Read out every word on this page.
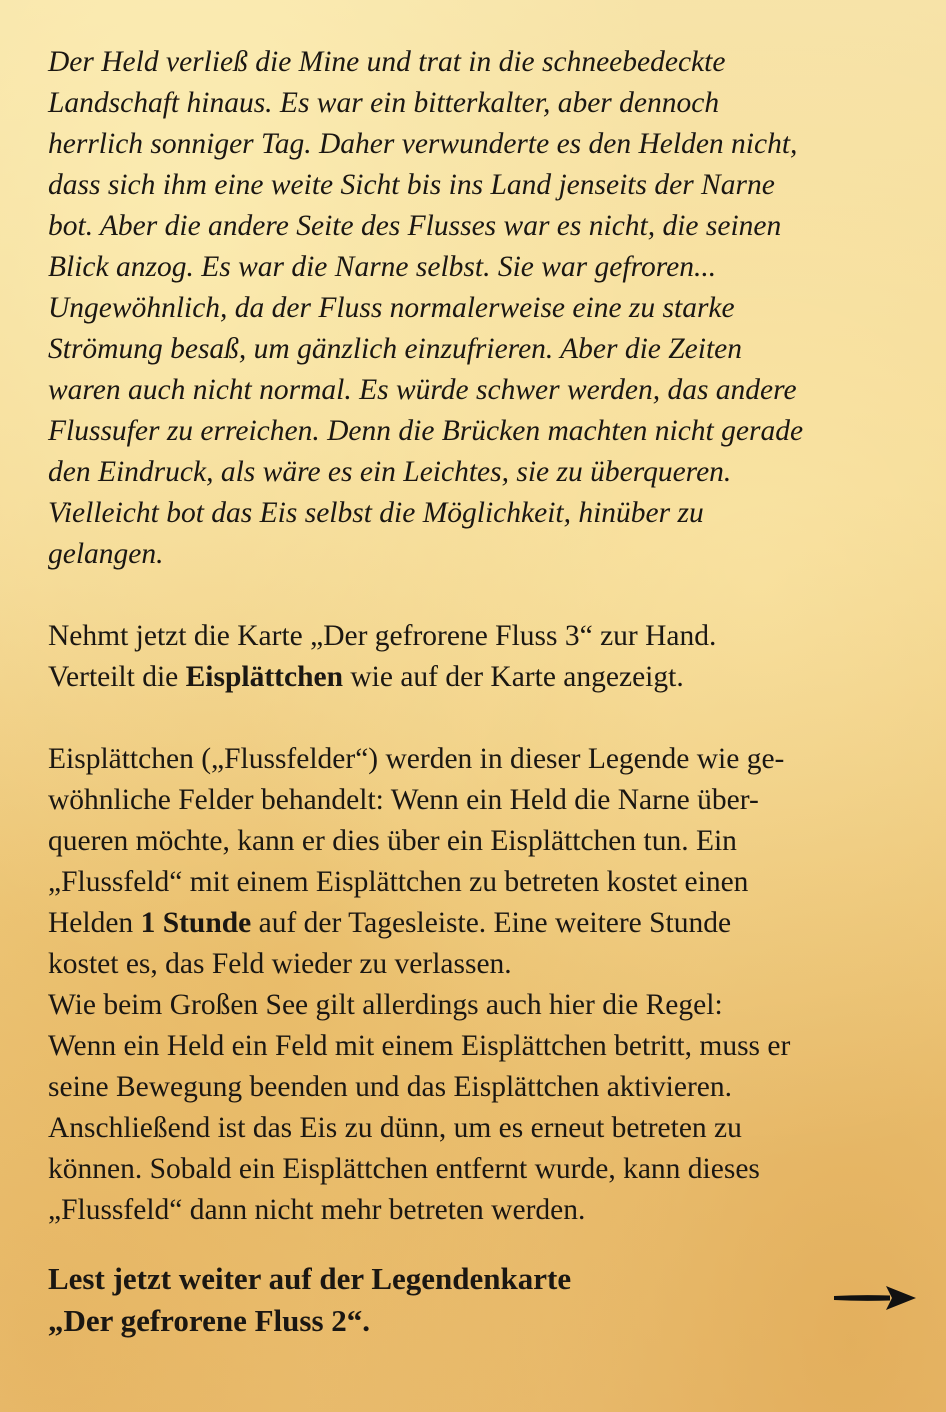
Der Held verließ die Mine und trat in die schneebedeckte
Landschaft hinaus. Es war ein bitterkalter, aber dennoch
herrlich sonniger Tag. Daher verwunderte es den Helden nicht,
dass sich ihm eine weite Sicht bis ins Land jenseits der Narne
bot. Aber die andere Seite des Flusses war es nicht, die seinen
Blick anzog. Es war die Narne selbst. Sie war gefroren...
Ungewöhnlich, da der Fluss normalerweise eine zu starke
Strömung besaß, um gänzlich einzufrieren. Aber die Zeiten
waren auch nicht normal. Es würde schwer werden, das andere
Flussufer zu erreichen. Denn die Brücken machten nicht gerade
den Eindruck, als wäre es ein Leichtes, sie zu überqueren.
Vielleicht bot das Eis selbst die Möglichkeit, hinüber zu
gelangen.

Nehmt jetzt die Karte „Der gefrorene Fluss 3“ zur Hand.
Verteilt die Eisplättchen wie auf der Karte angezeigt.

Eisplättchen („Flussfelder“) werden in dieser Legende wie ge-
wöhnliche Felder behandelt: Wenn ein Held die Narne über-
queren möchte, kann er dies über ein Eisplättchen tun. Ein
„Flussfeld“ mit einem Eisplättchen zu betreten kostet einen
Helden 1 Stunde auf der Tagesleiste. Eine weitere Stunde
kostet es, das Feld wieder zu verlassen.
Wie beim Großen See gilt allerdings auch hier die Regel:
Wenn ein Held ein Feld mit einem Eisplättchen betritt, muss er
seine Bewegung beenden und das Eisplättchen aktivieren.
Anschließend ist das Eis zu dünn, um es erneut betreten zu
können. Sobald ein Eisplättchen entfernt wurde, kann dieses
„Flussfeld“ dann nicht mehr betreten werden.

Lest jetzt weiter auf der Legendenkarte
„Der gefrorene Fluss 2“.
